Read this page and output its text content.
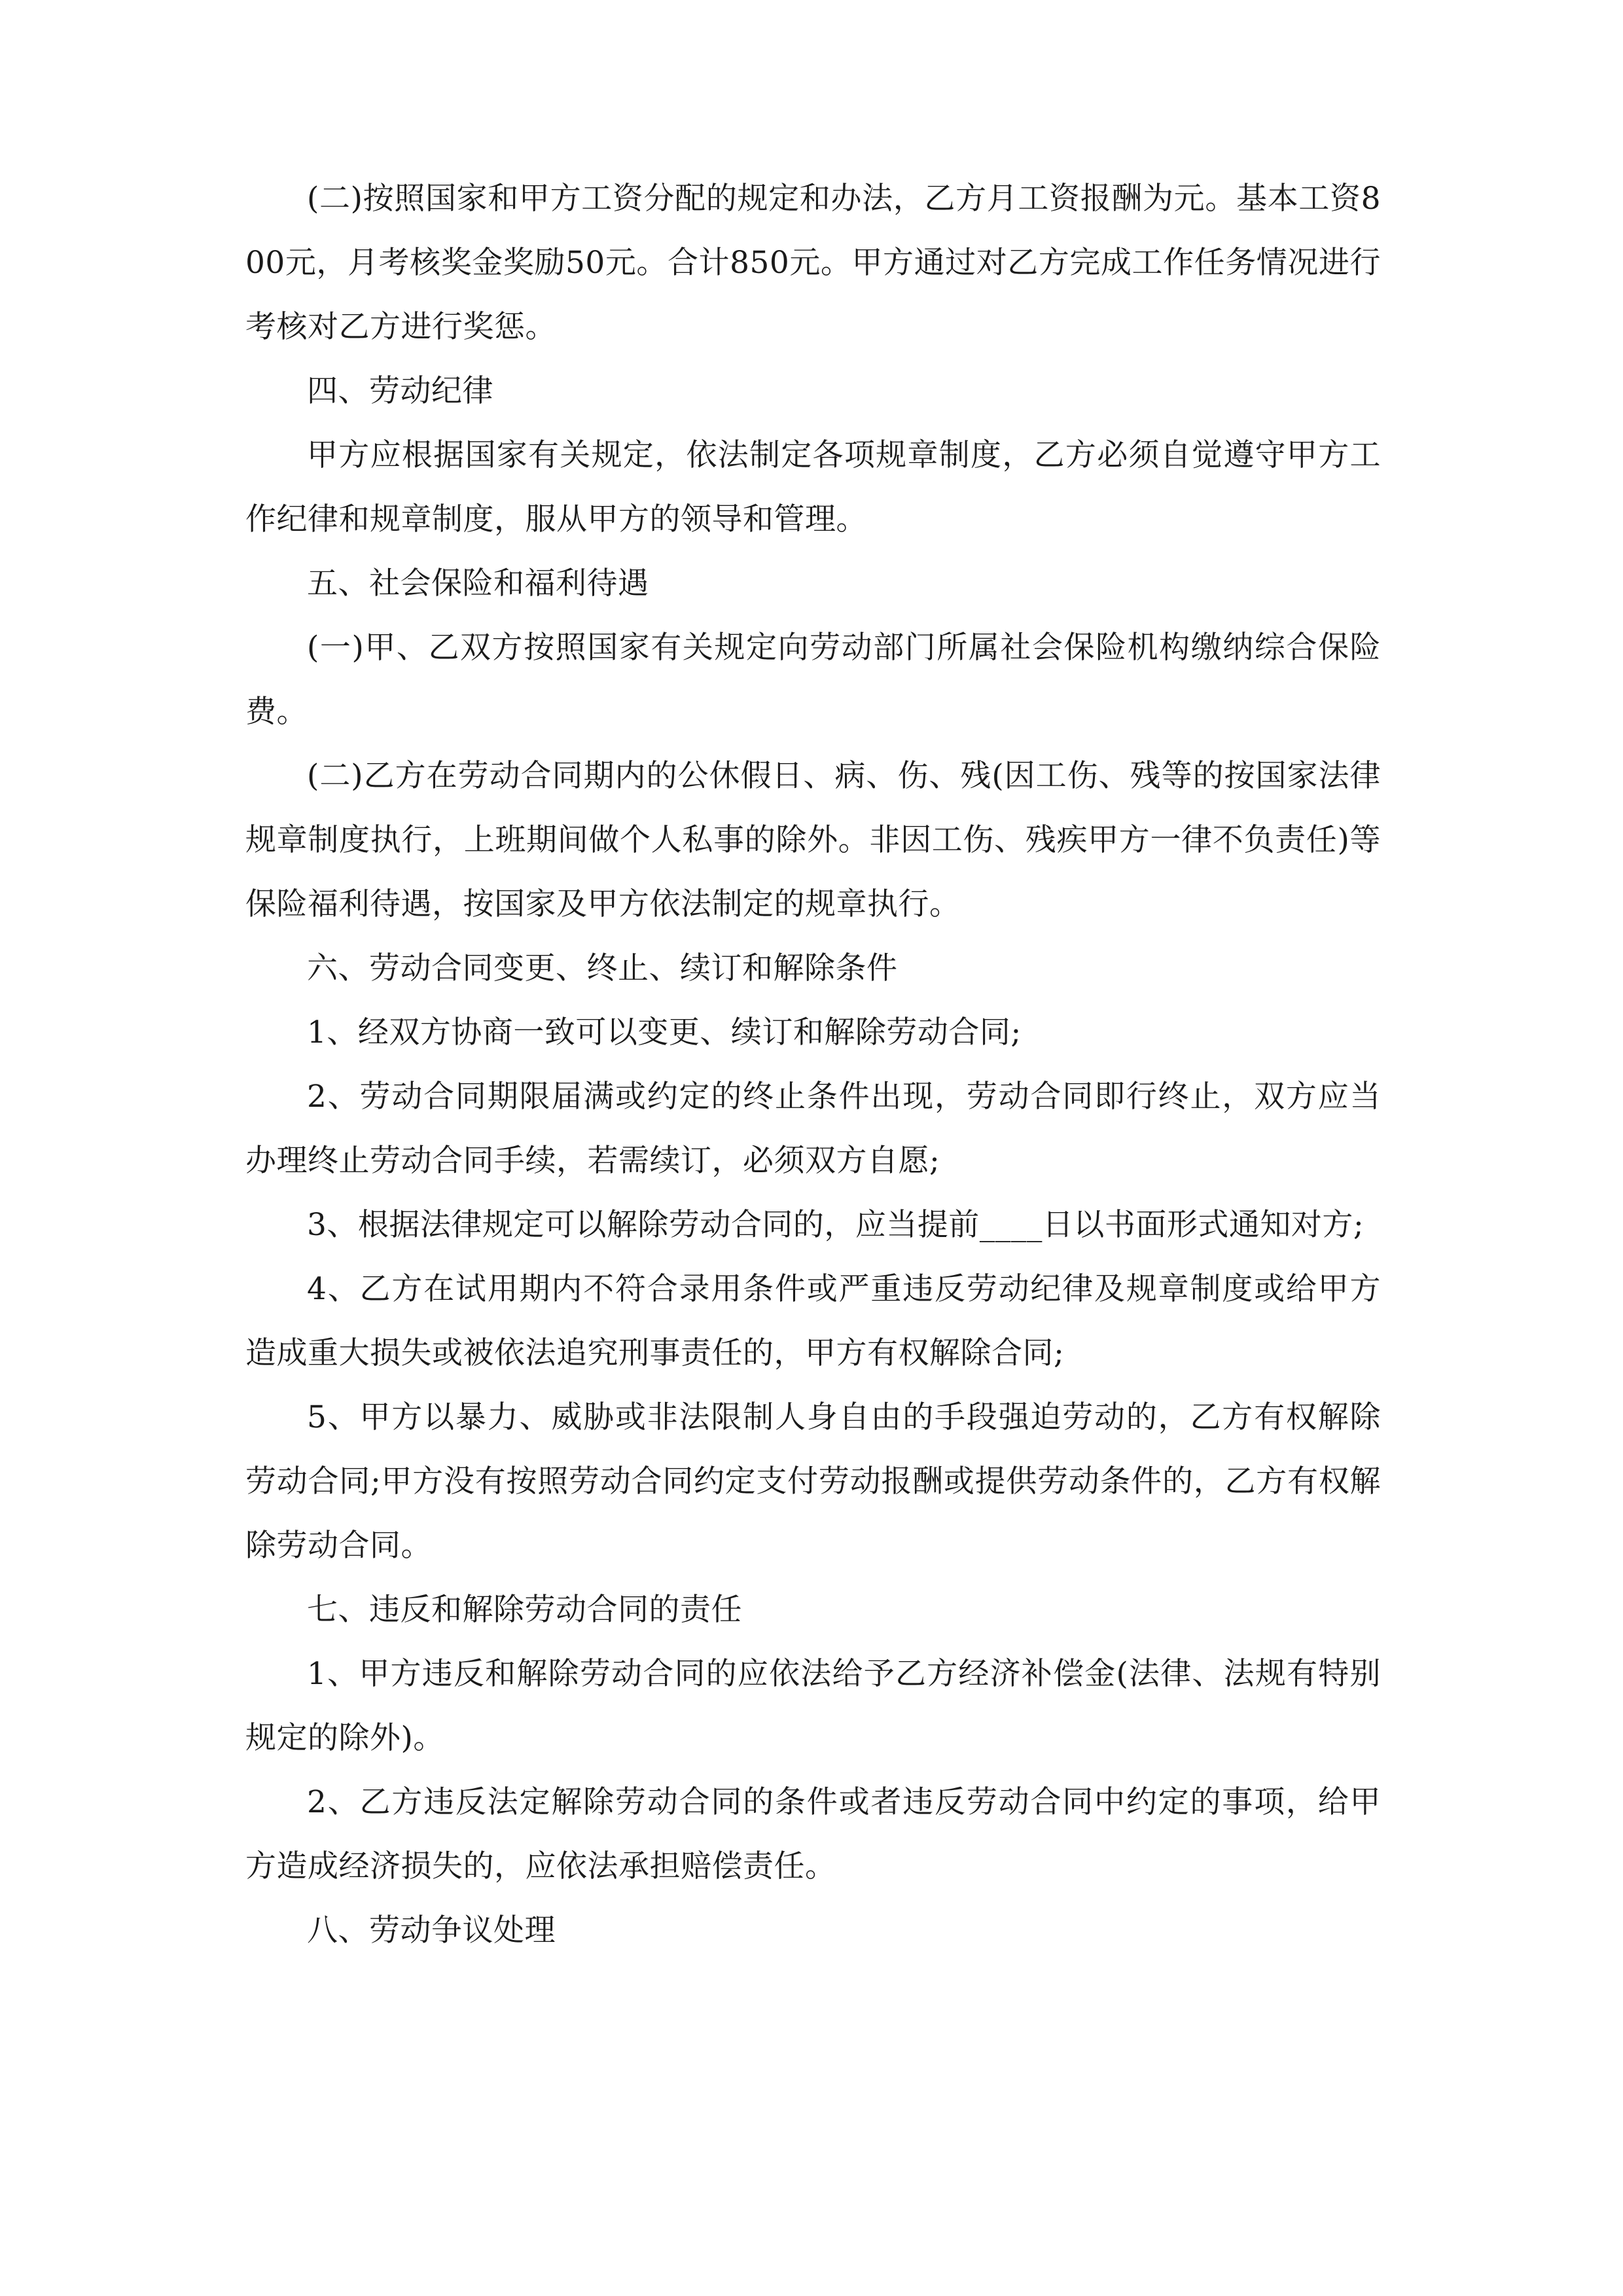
(二)按照国家和甲方工资分配的规定和办法，乙方月工资报酬为元。基本工资800元，月考核奖金奖励50元。合计850元。甲方通过对乙方完成工作任务情况进行考核对乙方进行奖惩。

四、劳动纪律

甲方应根据国家有关规定，依法制定各项规章制度，乙方必须自觉遵守甲方工作纪律和规章制度，服从甲方的领导和管理。

五、社会保险和福利待遇

(一)甲、乙双方按照国家有关规定向劳动部门所属社会保险机构缴纳综合保险费。

(二)乙方在劳动合同期内的公休假日、病、伤、残(因工伤、残等的按国家法律规章制度执行，上班期间做个人私事的除外。非因工伤、残疾甲方一律不负责任)等保险福利待遇，按国家及甲方依法制定的规章执行。

六、劳动合同变更、终止、续订和解除条件

1、经双方协商一致可以变更、续订和解除劳动合同;

2、劳动合同期限届满或约定的终止条件出现，劳动合同即行终止，双方应当办理终止劳动合同手续，若需续订，必须双方自愿;

3、根据法律规定可以解除劳动合同的，应当提前____日以书面形式通知对方;

4、乙方在试用期内不符合录用条件或严重违反劳动纪律及规章制度或给甲方造成重大损失或被依法追究刑事责任的，甲方有权解除合同;

5、甲方以暴力、威胁或非法限制人身自由的手段强迫劳动的，乙方有权解除劳动合同;甲方没有按照劳动合同约定支付劳动报酬或提供劳动条件的，乙方有权解除劳动合同。

七、违反和解除劳动合同的责任

1、甲方违反和解除劳动合同的应依法给予乙方经济补偿金(法律、法规有特别规定的除外)。

2、乙方违反法定解除劳动合同的条件或者违反劳动合同中约定的事项，给甲方造成经济损失的，应依法承担赔偿责任。

八、劳动争议处理
